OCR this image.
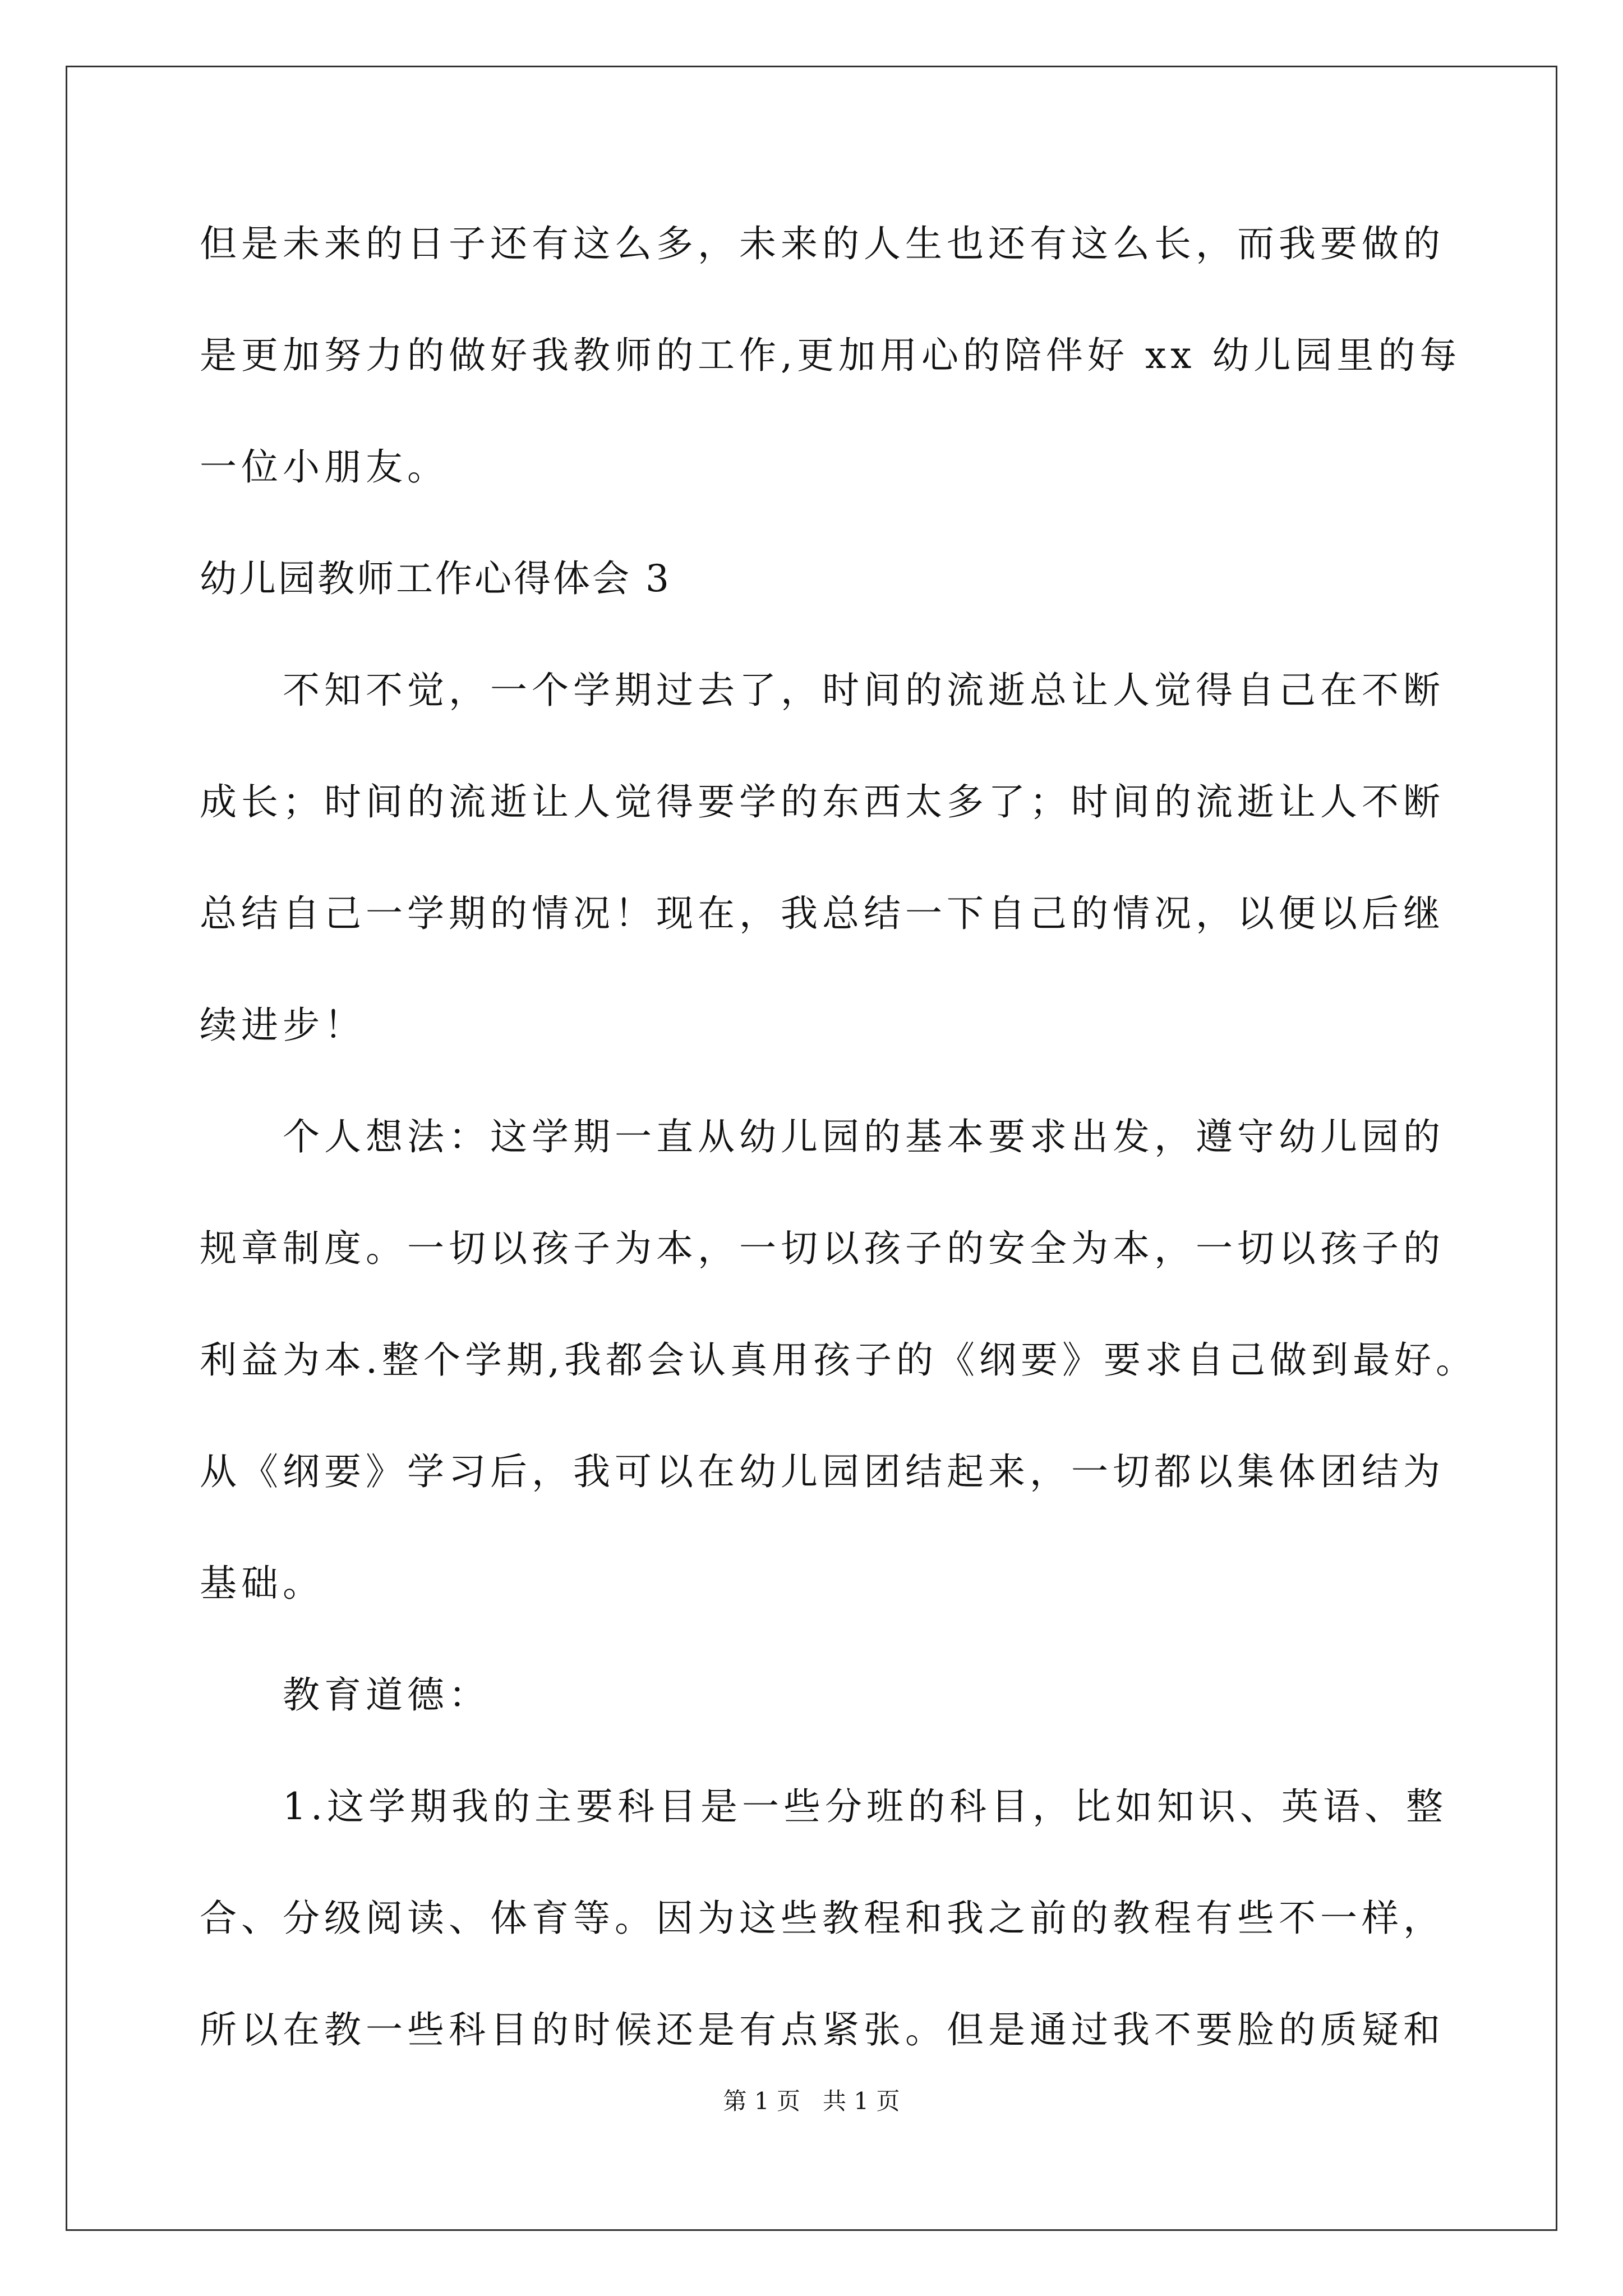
但是未来的日子还有这么多，未来的人生也还有这么长，而我要做的
是更加努力的做好我教师的工作,更加用心的陪伴好 xx 幼儿园里的每
一位小朋友。
幼儿园教师工作心得体会 3
不知不觉，一个学期过去了，时间的流逝总让人觉得自己在不断
成长；时间的流逝让人觉得要学的东西太多了；时间的流逝让人不断
总结自己一学期的情况！现在，我总结一下自己的情况，以便以后继
续进步！
个人想法：这学期一直从幼儿园的基本要求出发，遵守幼儿园的
规章制度。一切以孩子为本，一切以孩子的安全为本，一切以孩子的
利益为本.整个学期,我都会认真用孩子的《纲要》要求自己做到最好。
从《纲要》学习后，我可以在幼儿园团结起来，一切都以集体团结为
基础。
教育道德：
1.这学期我的主要科目是一些分班的科目，比如知识、英语、整
合、分级阅读、体育等。因为这些教程和我之前的教程有些不一样，
所以在教一些科目的时候还是有点紧张。但是通过我不要脸的质疑和
第 1 页   共 1 页
